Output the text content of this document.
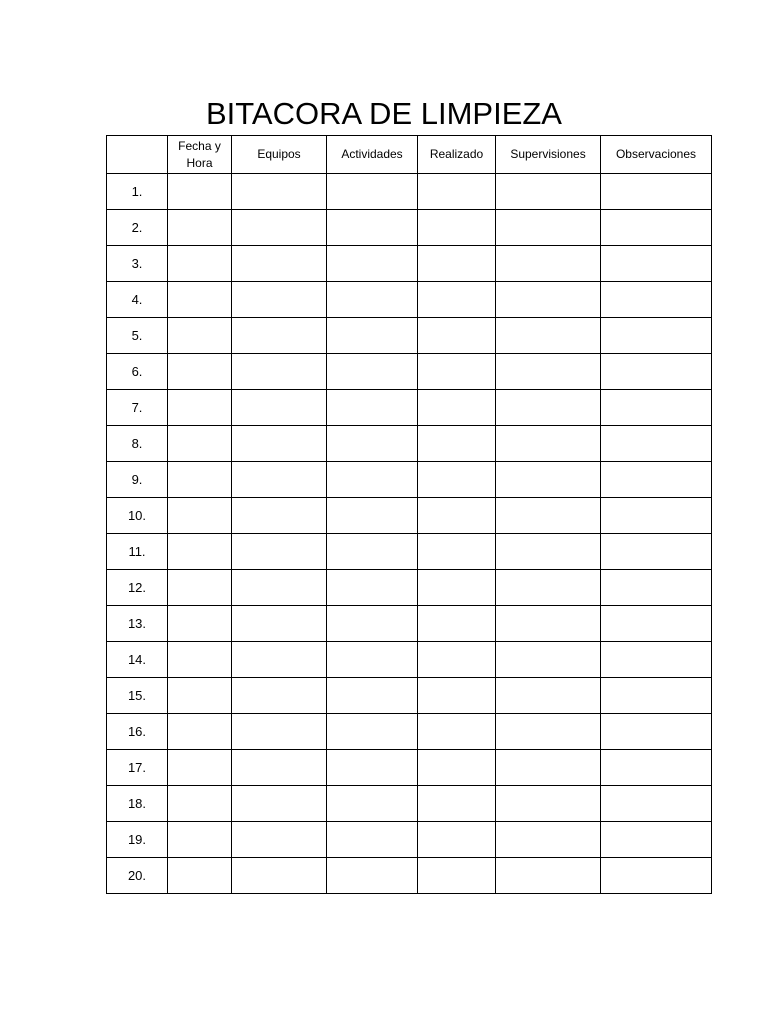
BITACORA DE LIMPIEZA
	Fecha y
Hora	Equipos	Actividades	Realizado	Supervisiones	Observaciones
1.						
2.						
3.						
4.						
5.						
6.						
7.						
8.						
9.						
10.						
11.						
12.						
13.						
14.						
15.						
16.						
17.						
18.						
19.						
20.						
